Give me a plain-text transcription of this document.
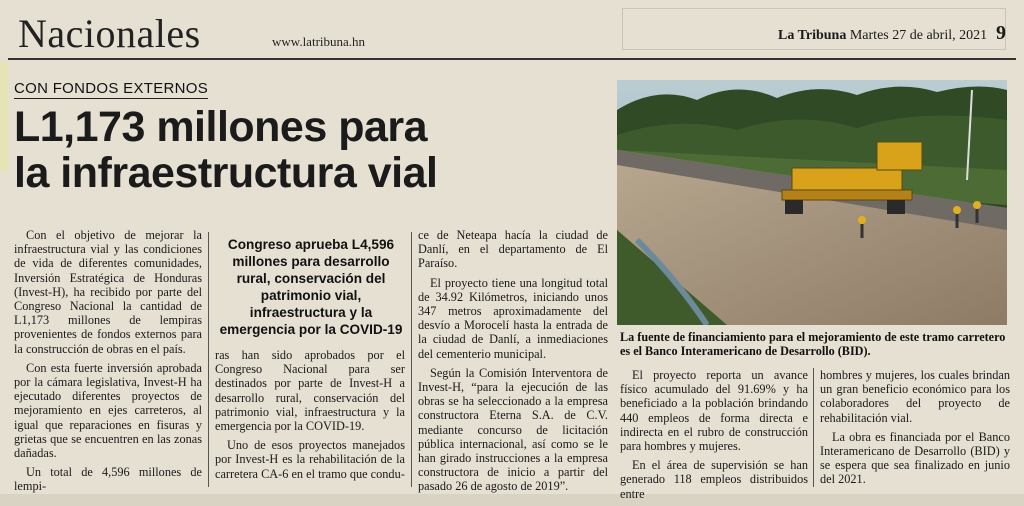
Nacionales	www.latribuna.hn	La Tribuna Martes 27 de abril, 2021 9
CON FONDOS EXTERNOS
L1,173 millones para
la infraestructura vial
La fuente de financiamiento para el mejoramiento de este tramo carretero es el Banco Interamericano de Desarrollo (BID).

Con el objetivo de mejorar la infraestructura vial y las condiciones de vida de diferentes comunidades, Inversión Estratégica de Honduras (Invest-H), ha recibido por parte del Congreso Nacional la cantidad de L1,173 millones de lempiras provenientes de fondos externos para la construcción de obras en el país.

Con esta fuerte inversión aprobada por la cámara legislativa, Invest-H ha ejecutado diferentes proyectos de mejoramiento en ejes carreteros, al igual que reparaciones en fisuras y grietas que se encuentren en las zonas dañadas.

Un total de 4,596 millones de lempi-

Congreso aprueba L4,596 millones para desarrollo rural, conservación del patrimonio vial, infraestructura y la emergencia por la COVID-19

ras han sido aprobados por el Congreso Nacional para ser destinados por parte de Invest-H a desarrollo rural, conservación del patrimonio vial, infraestructura y la emergencia por la COVID-19.

Uno de esos proyectos manejados por Invest-H es la rehabilitación de la carretera CA-6 en el tramo que condu-

ce de Neteapa hacía la ciudad de Danlí, en el departamento de El Paraíso.

El proyecto tiene una longitud total de 34.92 Kilómetros, iniciando unos 347 metros aproximadamente del desvío a Morocelí hasta la entrada de la ciudad de Danlí, a inmediaciones del cementerio municipal.

Según la Comisión Interventora de Invest-H, “para la ejecución de las obras se ha seleccionado a la empresa constructora Eterna S.A. de C.V. mediante concurso de licitación pública internacional, así como se le han girado instrucciones a la empresa constructora de inicio a partir del pasado 26 de agosto de 2019”.

El proyecto reporta un avance físico acumulado del 91.69% y ha beneficiado a la población brindando 440 empleos de forma directa e indirecta en el rubro de construcción para hombres y mujeres.

En el área de supervisión se han generado 118 empleos distribuidos entre

hombres y mujeres, los cuales brindan un gran beneficio económico para los colaboradores del proyecto de rehabilitación vial.

La obra es financiada por el Banco Interamericano de Desarrollo (BID) y se espera que sea finalizado en junio del 2021.
